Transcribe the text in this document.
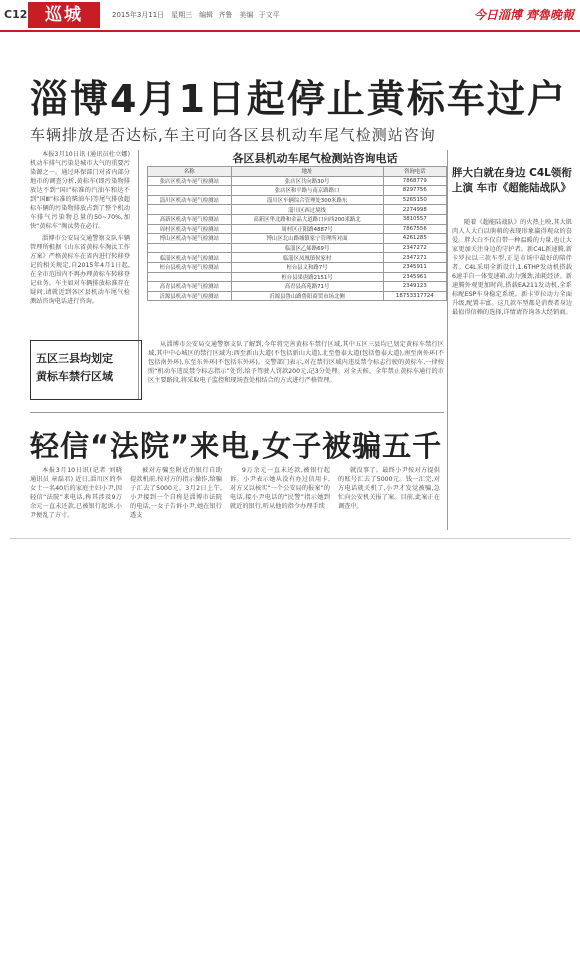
C12	巡城	2015年3月11日　星期三　编辑 齐鲁　美编 于文平	今日淄博 齊魯晚報
淄博4月1日起停止黄标车过户
车辆排放是否达标,车主可向各区县机动车尾气检测站咨询

本报3月10日讯 (通讯员杜立娜) 机动车排气污染是城市大气的重要污染源之一。通过环保部门对省内部分地市的调查分析,黄标车(即污染物排放达不到“国Ⅰ”标准的汽油车和达不到“国Ⅲ”标准的柴油车)等尾气排放超标车辆的污染物排放占到了整个机动车排气污染物总量的50~70%,加快“黄标车”淘汰势在必行。

淄博市公安局交通警察支队车辆管理所根据《山东省黄标车淘汰工作方案》严格黄标车在省内进行转移登记的相关规定,自2015年4月1日起,在全市范围内不再办理黄标车转移登记业务。车主如对车辆排放标准存在疑问,请就近到各区县机动车尾气检测站咨询电话进行咨询。

各区县机动车尾气检测站咨询电话
名称	地址	咨询电话
张店区机动车尾气检测站	张店区共向路30号	7868779
	张店区和平路与南京路路口	8297756
淄川区机动车尾气检测站	淄川区车辆综合管理处300米路东	5265150
	淄川区西过境线	2274998
高新区机动车尾气检测站	高新区华北路和金晶大道路口向西200米路北	3810557
周村区机动车尾气检测站	周村区正阳路4887号	7867556
博山区机动车尾气检测站	博山区北山路城镇家宁管理所对面	4261285
	临淄区乙烯路69号	2347272
临淄区机动车尾气检测站	临淄区凤凰镇侯家村	2347271
桓台县机动车尾气检测站	桓台县义和路7号	2345911
	桓台县果唐路2151号	2345961
高青县机动车尾气检测站	高青县高苑路71号	2349123
沂源县机动车尾气检测站	沂源县鲁山路鲁阳商贸市场北侧	18753317724
五区三县均划定
黄标车禁行区域

从淄博市公安局交通警察支队了解到,今年将完善黄标车禁行区域,其中五区三县均已划定黄标车禁行区域,其中中心城区的禁行区域为:西至新山大道(不包括新山大道),北至鲁泰大道(包括鲁泰大道),南至南外环(不包括南外环),东至东外环(不包括东外环)。交警部门表示,对在禁行区域内违反禁令标志行驶的黄标车,一律按照“机动车违反禁令标志指示”处罚,给予驾驶人罚款200元,记3分处理。对全天候、全年禁止黄标车通行的市区主要路段,将采取电子监控和现场查处相结合的方式进行严格管理。

胖大白就在身边 C4L领衔上演 车市《超能陆战队》

随着《超能陆战队》的火热上映,其大肌肉人人大白以萌萌的表现形象赢得观众的喜爱。胖大白不仅自带一种温暖的力量,也让大家更加关注身边的守护者。新C4L新速腾,新卡罗拉以三款车型,正是市场中最好的陪伴者。C4L采用全新设计,1.6THP发动机搭载6速手自一体变速箱,动力强劲,油耗经济。新速腾外观更加时尚,搭载EA211发动机,全系标配ESP车身稳定系统。新卡罗拉动力全面升级,配置丰富。这几款车型都是消费者身边最值得信赖的选择,详情请咨询各大经销商。

轻信“法院”来电,女子被骗五千

本报3月10日讯(记者 刘晓 通讯员 章磊君) 近日,淄川区的李女士一名40后的家庭主妇小尹,因轻信“法院”来电话,称其涉及9万余元一直未还款,已被银行起诉,小尹便乱了方寸。

被对方骗至附近的银行自助提款机前,按对方的指示操作,给骗子汇去了5000元。3月2日上午,小尹接到一个自称是淄博市法院的电话,一女子告诉小尹,她在银行透支

9万余元一直未还款,被银行起诉。小尹表示她从没有办过信用卡,对方又以核实“一个公安局的报案”的电话,接小尹电话的“民警”指示她到就近的银行,听从他的指令办理手续

就没事了。最终小尹按对方提供的账号汇去了5000元。钱一汇完,对方电话就关机了,小尹才发觉被骗,急忙向公安机关报了案。目前,此案正在调查中。
